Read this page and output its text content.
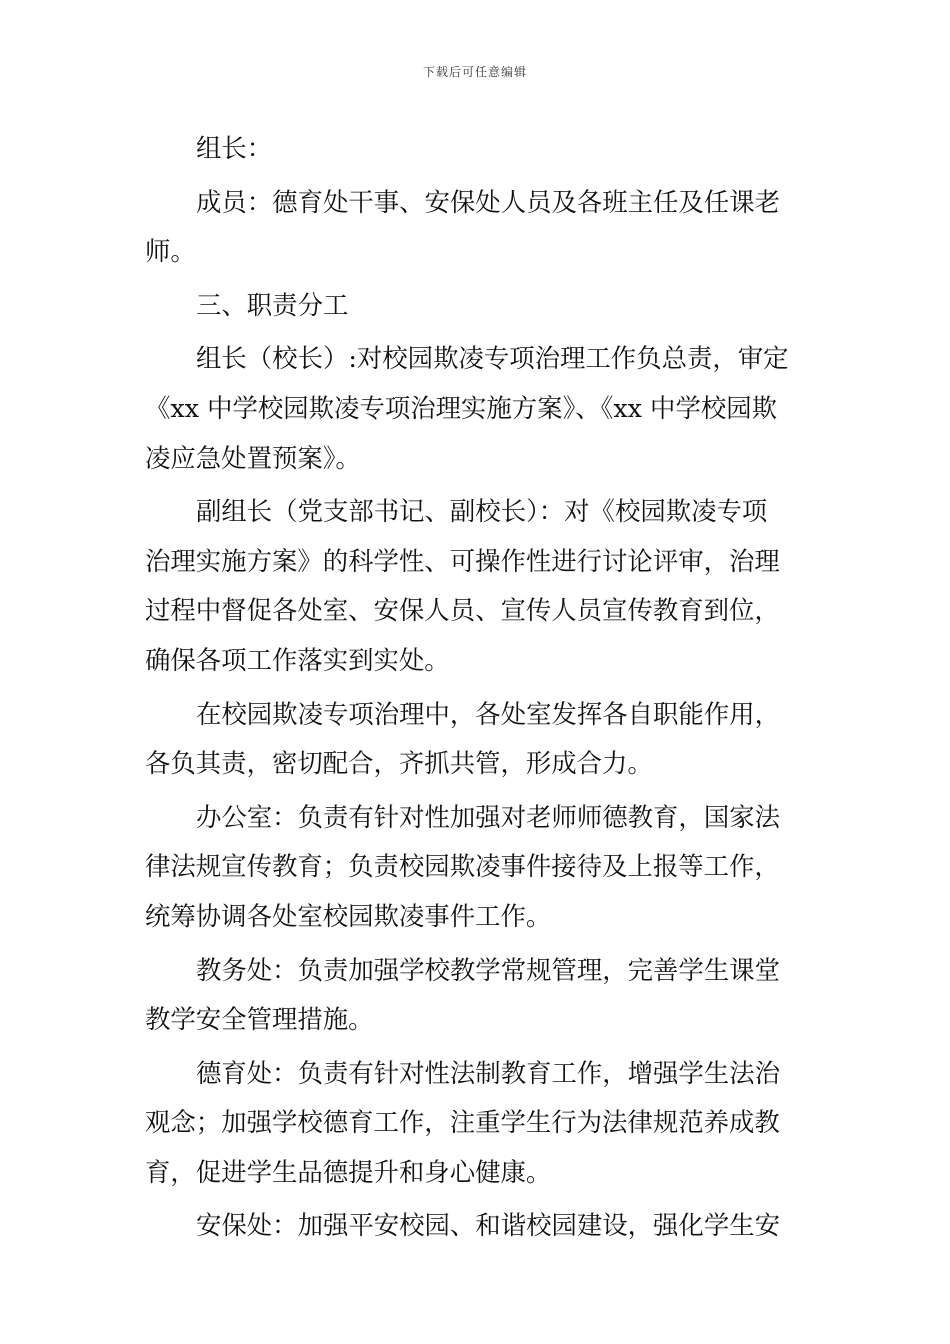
下载后可任意编辑

组长：

成员：德育处干事、安保处人员及各班主任及任课老
师。

三、职责分工

组长（校长）:对校园欺凌专项治理工作负总责，审定
《xx 中学校园欺凌专项治理实施方案》、《xx 中学校园欺
凌应急处置预案》。

副组长（党支部书记、副校长）：对《校园欺凌专项
治理实施方案》的科学性、可操作性进行讨论评审，治理
过程中督促各处室、安保人员、宣传人员宣传教育到位，
确保各项工作落实到实处。

在校园欺凌专项治理中，各处室发挥各自职能作用，
各负其责，密切配合，齐抓共管，形成合力。

办公室：负责有针对性加强对老师师德教育，国家法
律法规宣传教育；负责校园欺凌事件接待及上报等工作，
统筹协调各处室校园欺凌事件工作。

教务处：负责加强学校教学常规管理，完善学生课堂
教学安全管理措施。

德育处：负责有针对性法制教育工作，增强学生法治
观念；加强学校德育工作，注重学生行为法律规范养成教
育，促进学生品德提升和身心健康。

安保处：加强平安校园、和谐校园建设，强化学生安
